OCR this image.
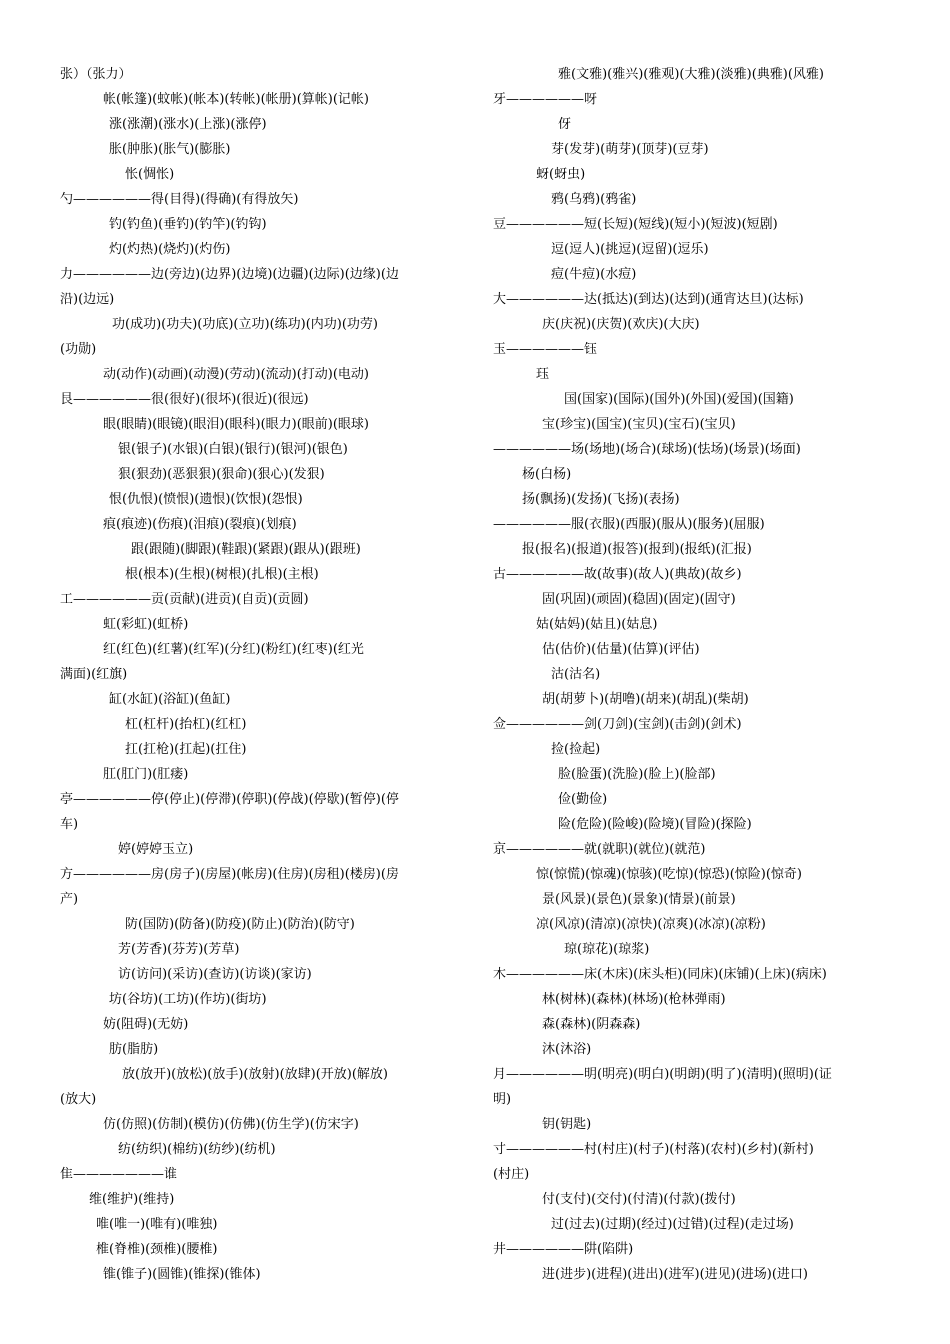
张）（张力）
帐(帐篷)(蚊帐)(帐本)(转帐)(帐册)(算帐)(记帐)
涨(涨潮)(涨水)(上涨)(涨停)
胀(肿胀)(胀气)(膨胀)
怅(惆怅)
勺——————得(目得)(得确)(有得放矢)
钓(钓鱼)(垂钓)(钓竿)(钓钩)
灼(灼热)(烧灼)(灼伤)
力——————边(旁边)(边界)(边境)(边疆)(边际)(边缘)(边
沿)(边远)
功(成功)(功夫)(功底)(立功)(练功)(内功)(功劳)
(功勋)
动(动作)(动画)(动漫)(劳动)(流动)(打动)(电动)
艮——————很(很好)(很坏)(很近)(很远)
眼(眼睛)(眼镜)(眼泪)(眼科)(眼力)(眼前)(眼球)
银(银子)(水银)(白银)(银行)(银河)(银色)
狠(狠劲)(恶狠狠)(狠命)(狠心)(发狠)
恨(仇恨)(愤恨)(遗恨)(饮恨)(怨恨)
痕(痕迹)(伤痕)(泪痕)(裂痕)(划痕)
跟(跟随)(脚跟)(鞋跟)(紧跟)(跟从)(跟班)
根(根本)(生根)(树根)(扎根)(主根)
工——————贡(贡献)(进贡)(自贡)(贡圆)
虹(彩虹)(虹桥)
红(红色)(红薯)(红军)(分红)(粉红)(红枣)(红光
满面)(红旗)
缸(水缸)(浴缸)(鱼缸)
杠(杠杆)(抬杠)(红杠)
扛(扛枪)(扛起)(扛住)
肛(肛门)(肛瘘)
亭——————停(停止)(停滞)(停职)(停战)(停歇)(暂停)(停
车)
婷(婷婷玉立)
方——————房(房子)(房屋)(帐房)(住房)(房租)(楼房)(房
产)
防(国防)(防备)(防疫)(防止)(防治)(防守)
芳(芳香)(芬芳)(芳草)
访(访问)(采访)(查访)(访谈)(家访)
坊(谷坊)(工坊)(作坊)(街坊)
妨(阻碍)(无妨)
肪(脂肪)
放(放开)(放松)(放手)(放射)(放肆)(开放)(解放)
(放大)
仿(仿照)(仿制)(模仿)(仿佛)(仿生学)(仿宋字)
纺(纺织)(棉纺)(纺纱)(纺机)
隹———————谁
维(维护)(维持)
唯(唯一)(唯有)(唯独)
椎(脊椎)(颈椎)(腰椎)
锥(锥子)(圆锥)(锥探)(锥体)
雅(文雅)(雅兴)(雅观)(大雅)(淡雅)(典雅)(风雅)
牙——————呀
伢
芽(发芽)(萌芽)(顶芽)(豆芽)
蚜(蚜虫)
鸦(乌鸦)(鸦雀)
豆——————短(长短)(短线)(短小)(短波)(短剧)
逗(逗人)(挑逗)(逗留)(逗乐)
痘(牛痘)(水痘)
大——————达(抵达)(到达)(达到)(通宵达旦)(达标)
庆(庆祝)(庆贺)(欢庆)(大庆)
玉——————钰
珏
国(国家)(国际)(国外)(外国)(爱国)(国籍)
宝(珍宝)(国宝)(宝贝)(宝石)(宝贝)
——————场(场地)(场合)(球场)(怯场)(场景)(场面)
杨(白杨)
扬(飘扬)(发扬)(飞扬)(表扬)
——————服(衣服)(西服)(服从)(服务)(屈服)
报(报名)(报道)(报答)(报到)(报纸)(汇报)
古——————故(故事)(故人)(典故)(故乡)
固(巩固)(顽固)(稳固)(固定)(固守)
姑(姑妈)(姑且)(姑息)
估(估价)(估量)(估算)(评估)
沽(沽名)
胡(胡萝卜)(胡噜)(胡来)(胡乱)(柴胡)
佥——————剑(刀剑)(宝剑)(击剑)(剑术)
捡(捡起)
脸(脸蛋)(洗脸)(脸上)(脸部)
俭(勤俭)
险(危险)(险峻)(险境)(冒险)(探险)
京——————就(就职)(就位)(就范)
惊(惊慌)(惊魂)(惊骇)(吃惊)(惊恐)(惊险)(惊奇)
景(风景)(景色)(景象)(情景)(前景)
凉(风凉)(清凉)(凉快)(凉爽)(冰凉)(凉粉)
琼(琼花)(琼浆)
木——————床(木床)(床头柜)(同床)(床铺)(上床)(病床)
林(树林)(森林)(林场)(枪林弹雨)
森(森林)(阴森森)
沐(沐浴)
月——————明(明亮)(明白)(明朗)(明了)(清明)(照明)(证
明)
钥(钥匙)
寸——————村(村庄)(村子)(村落)(农村)(乡村)(新村)
(村庄)
付(支付)(交付)(付清)(付款)(拨付)
过(过去)(过期)(经过)(过错)(过程)(走过场)
井——————阱(陷阱)
进(进步)(进程)(进出)(进军)(进见)(进场)(进口)
